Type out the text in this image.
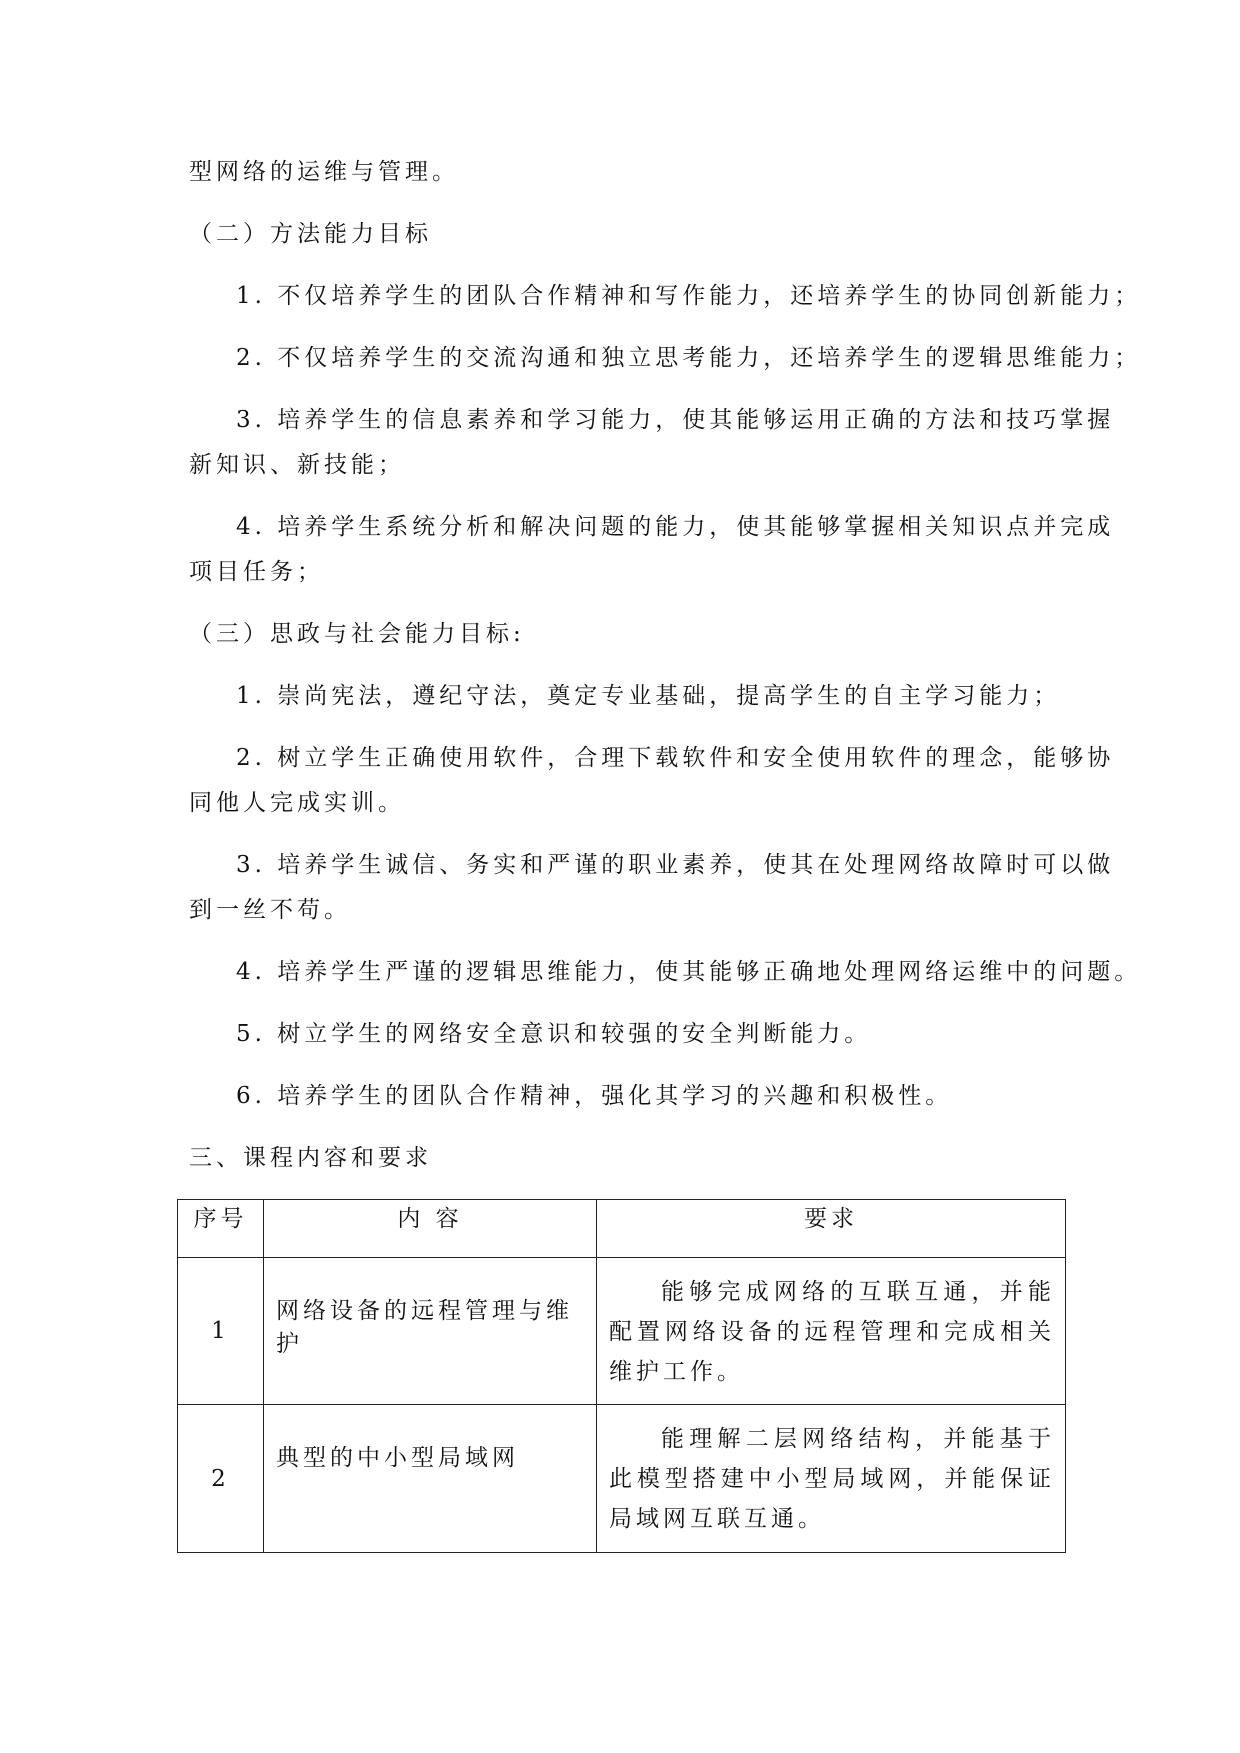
型网络的运维与管理。

（二）方法能力目标

1. 不仅培养学生的团队合作精神和写作能力，还培养学生的协同创新能力；

2. 不仅培养学生的交流沟通和独立思考能力，还培养学生的逻辑思维能力；

3. 培养学生的信息素养和学习能力，使其能够运用正确的方法和技巧掌握

新知识、新技能；

4. 培养学生系统分析和解决问题的能力，使其能够掌握相关知识点并完成

项目任务；

（三）思政与社会能力目标:

1. 崇尚宪法，遵纪守法，奠定专业基础，提高学生的自主学习能力；

2. 树立学生正确使用软件，合理下载软件和安全使用软件的理念，能够协

同他人完成实训。

3. 培养学生诚信、务实和严谨的职业素养，使其在处理网络故障时可以做

到一丝不苟。

4. 培养学生严谨的逻辑思维能力，使其能够正确地处理网络运维中的问题。

5. 树立学生的网络安全意识和较强的安全判断能力。

6. 培养学生的团队合作精神，强化其学习的兴趣和积极性。

三、课程内容和要求

序号	内 容	要求
1	网络设备的远程管理与维护	能够完成网络的互联互通，并能配置网络设备的远程管理和完成相关维护工作。
2	典型的中小型局域网	能理解二层网络结构，并能基于此模型搭建中小型局域网，并能保证局域网互联互通。
